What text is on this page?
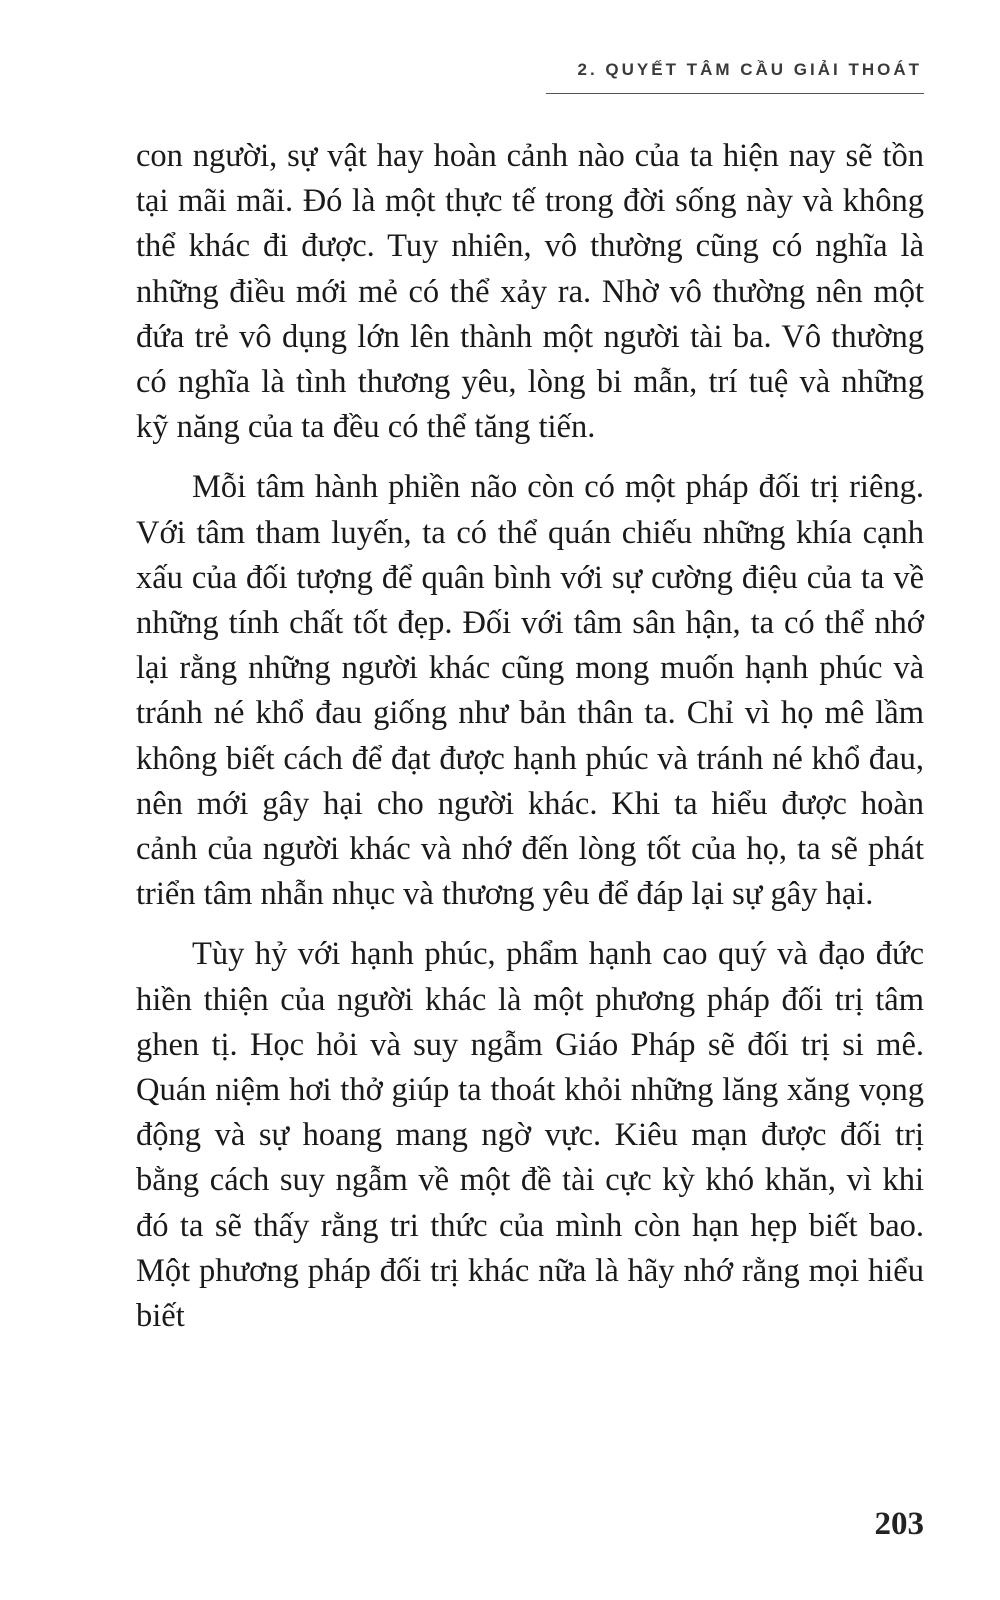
2. QUYẾT TÂM CẦU GIẢI THOÁT

con người, sự vật hay hoàn cảnh nào của ta hiện nay sẽ tồn tại mãi mãi. Đó là một thực tế trong đời sống này và không thể khác đi được. Tuy nhiên, vô thường cũng có nghĩa là những điều mới mẻ có thể xảy ra. Nhờ vô thường nên một đứa trẻ vô dụng lớn lên thành một người tài ba. Vô thường có nghĩa là tình thương yêu, lòng bi mẫn, trí tuệ và những kỹ năng của ta đều có thể tăng tiến.

Mỗi tâm hành phiền não còn có một pháp đối trị riêng. Với tâm tham luyến, ta có thể quán chiếu những khía cạnh xấu của đối tượng để quân bình với sự cường điệu của ta về những tính chất tốt đẹp. Đối với tâm sân hận, ta có thể nhớ lại rằng những người khác cũng mong muốn hạnh phúc và tránh né khổ đau giống như bản thân ta. Chỉ vì họ mê lầm không biết cách để đạt được hạnh phúc và tránh né khổ đau, nên mới gây hại cho người khác. Khi ta hiểu được hoàn cảnh của người khác và nhớ đến lòng tốt của họ, ta sẽ phát triển tâm nhẫn nhục và thương yêu để đáp lại sự gây hại.

Tùy hỷ với hạnh phúc, phẩm hạnh cao quý và đạo đức hiền thiện của người khác là một phương pháp đối trị tâm ghen tị. Học hỏi và suy ngẫm Giáo Pháp sẽ đối trị si mê. Quán niệm hơi thở giúp ta thoát khỏi những lăng xăng vọng động và sự hoang mang ngờ vực. Kiêu mạn được đối trị bằng cách suy ngẫm về một đề tài cực kỳ khó khăn, vì khi đó ta sẽ thấy rằng tri thức của mình còn hạn hẹp biết bao. Một phương pháp đối trị khác nữa là hãy nhớ rằng mọi hiểu biết

203
